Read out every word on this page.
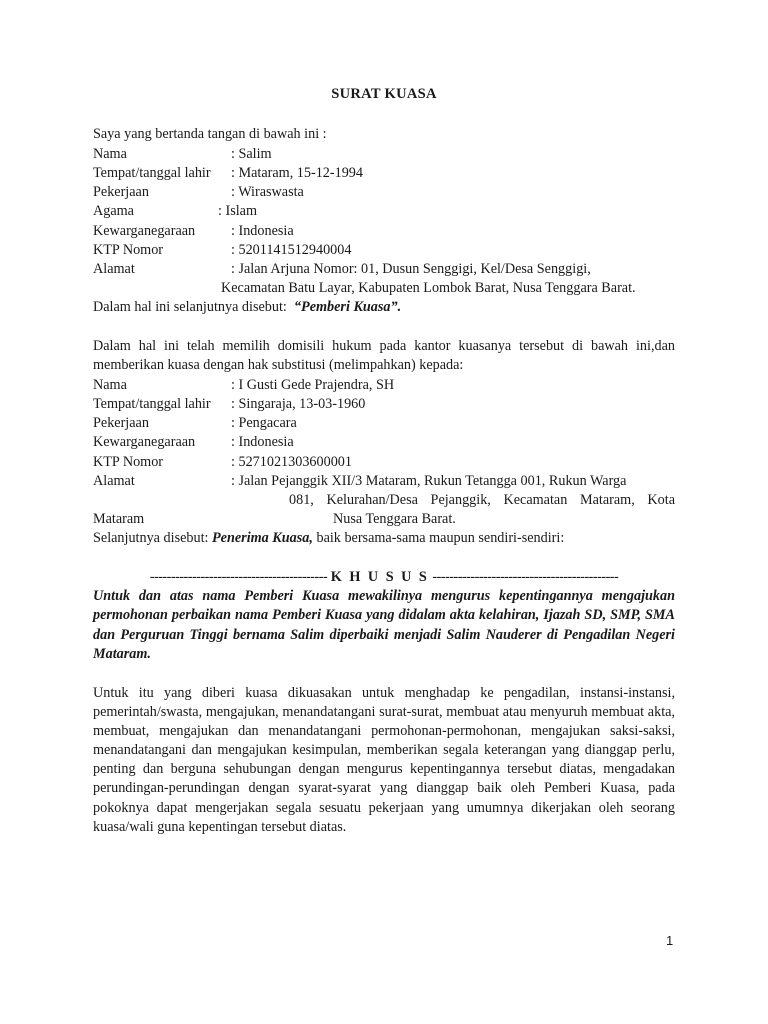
SURAT KUASA
Saya yang bertanda tangan di bawah ini :
Nama	: Salim
Tempat/tanggal lahir : Mataram, 15-12-1994
Pekerjaan	: Wiraswasta
Agama	: Islam
Kewarganegaraan	: Indonesia
KTP Nomor	: 5201141512940004
Alamat	: Jalan Arjuna Nomor: 01, Dusun Senggigi, Kel/Desa Senggigi,
Kecamatan Batu Layar, Kabupaten Lombok Barat, Nusa Tenggara Barat.
Dalam hal ini selanjutnya disebut: “Pemberi Kuasa”.
Dalam hal ini telah memilih domisili hukum pada kantor kuasanya tersebut di bawah ini,dan memberikan kuasa dengan hak substitusi (melimpahkan) kepada:
Nama	: I Gusti Gede Prajendra, SH
Tempat/tanggal lahir : Singaraja, 13-03-1960
Pekerjaan	: Pengacara
Kewarganegaraan	: Indonesia
KTP Nomor	: 5271021303600001
Alamat	: Jalan Pejanggik XII/3 Mataram, Rukun Tetangga 001, Rukun Warga
081, Kelurahan/Desa Pejanggik, Kecamatan Mataram, Kota
Mataram	Nusa Tenggara Barat.
Selanjutnya disebut: Penerima Kuasa, baik bersama-sama maupun sendiri-sendiri:
------------------------------------------ K H U S U S --------------------------------------------
Untuk dan atas nama Pemberi Kuasa mewakilinya mengurus kepentingannya mengajukan permohonan perbaikan nama Pemberi Kuasa yang didalam akta kelahiran, Ijazah SD, SMP, SMA dan Perguruan Tinggi bernama Salim diperbaiki menjadi Salim Nauderer di Pengadilan Negeri Mataram.
Untuk itu yang diberi kuasa dikuasakan untuk menghadap ke pengadilan, instansi-instansi, pemerintah/swasta, mengajukan, menandatangani surat-surat, membuat atau menyuruh membuat akta, membuat, mengajukan dan menandatangani permohonan-permohonan, mengajukan saksi-saksi, menandatangani dan mengajukan kesimpulan, memberikan segala keterangan yang dianggap perlu, penting dan berguna sehubungan dengan mengurus kepentingannya tersebut diatas, mengadakan perundingan-perundingan dengan syarat-syarat yang dianggap baik oleh Pemberi Kuasa, pada pokoknya dapat mengerjakan segala sesuatu pekerjaan yang umumnya dikerjakan oleh seorang kuasa/wali guna kepentingan tersebut diatas.
1
